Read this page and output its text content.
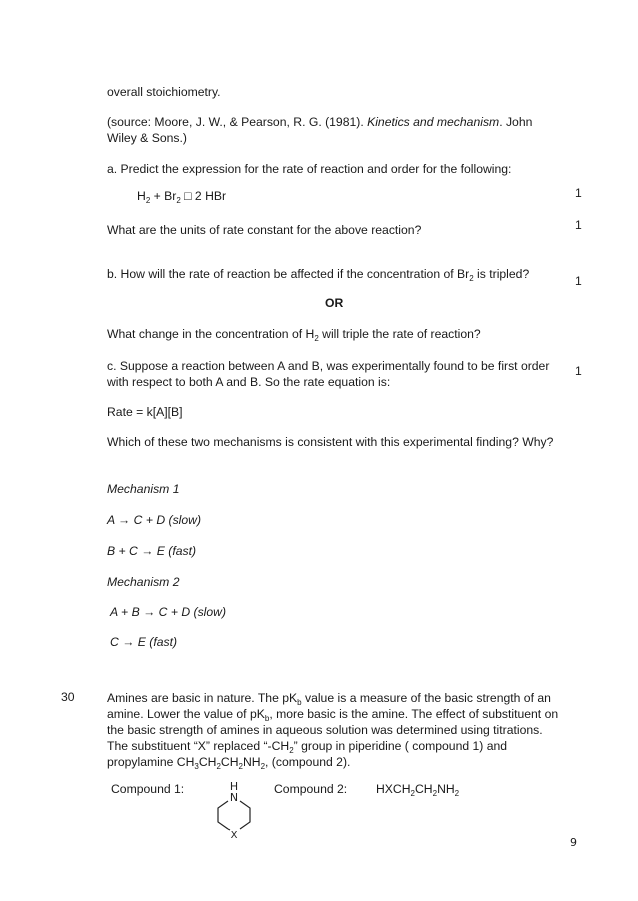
overall stoichiometry.
(source: Moore, J. W., & Pearson, R. G. (1981). Kinetics and mechanism. John
Wiley & Sons.)
a. Predict the expression for the rate of reaction and order for the following:
$H_2 + Br_2$ □ 2 HBr	1
What are the units of rate constant for the above reaction?	1
b. How will the rate of reaction be affected if the concentration of $Br_2$ is tripled?	1
OR
What change in the concentration of $H_2$ will triple the rate of reaction?
c. Suppose a reaction between A and B, was experimentally found to be first order with respect to both A and B. So the rate equation is:
1
Rate = k[A][B]
Which of these two mechanisms is consistent with this experimental finding? Why?
Mechanism 1
A → C + D (slow)
B + C → E (fast)
Mechanism 2
A + B → C + D (slow)
C → E (fast)
30	Amines are basic in nature. The $pK_b$ value is a measure of the basic strength of an amine. Lower the value of $pK_b$, more basic is the amine. The effect of substituent on the basic strength of amines in aqueous solution was determined using titrations. The substituent “X” replaced “$-CH_2$” group in piperidine ( compound 1) and propylamine $CH_3CH_2CH_2NH_2$, (compound 2).
Compound 1:	Compound 2:	$HXCH_2CH_2NH_2$
H
N
X
9
